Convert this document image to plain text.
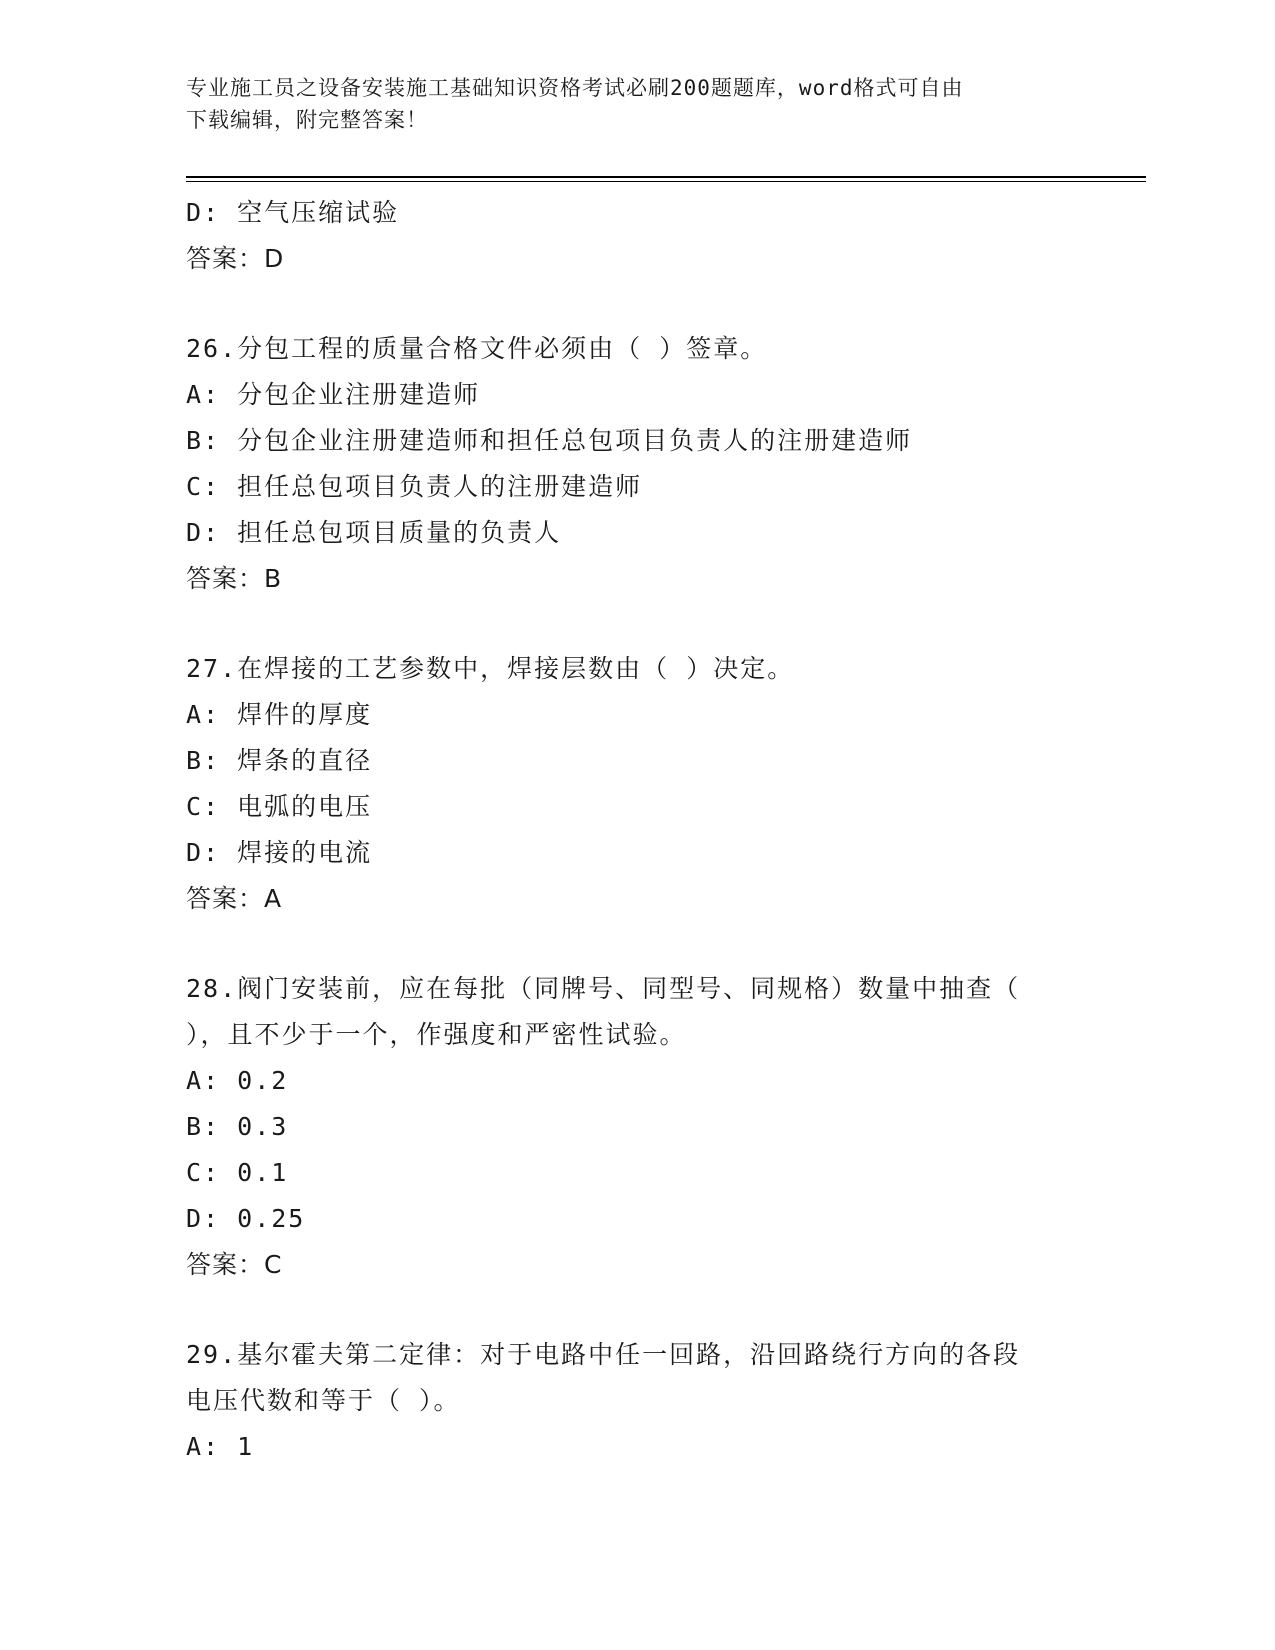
专业施工员之设备安装施工基础知识资格考试必刷200题题库，word格式可自由
下载编辑，附完整答案！
D: 空气压缩试验
答案：D
26.分包工程的质量合格文件必须由（ ）签章。
A: 分包企业注册建造师
B: 分包企业注册建造师和担任总包项目负责人的注册建造师
C: 担任总包项目负责人的注册建造师
D: 担任总包项目质量的负责人
答案：B
27.在焊接的工艺参数中，焊接层数由（ ）决定。
A: 焊件的厚度
B: 焊条的直径
C: 电弧的电压
D: 焊接的电流
答案：A
28.阀门安装前，应在每批（同牌号、同型号、同规格）数量中抽查（
），且不少于一个，作强度和严密性试验。
A: 0.2
B: 0.3
C: 0.1
D: 0.25
答案：C
29.基尔霍夫第二定律：对于电路中任一回路，沿回路绕行方向的各段
电压代数和等于（ ）。
A: 1
